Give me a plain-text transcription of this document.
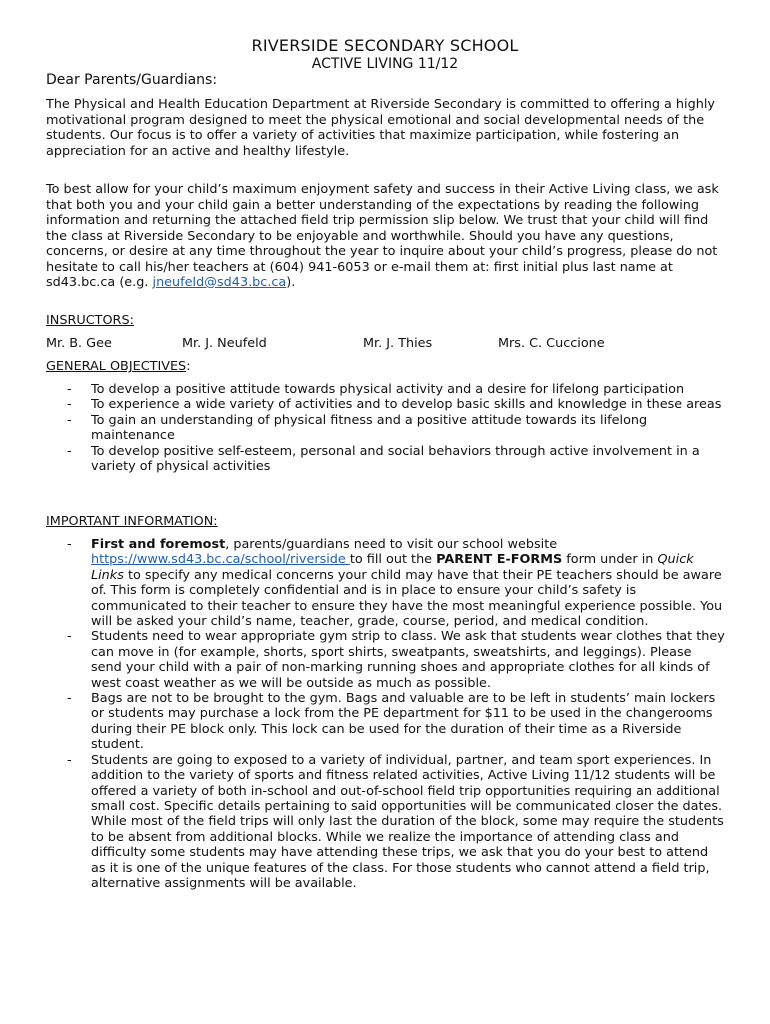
RIVERSIDE SECONDARY SCHOOL
ACTIVE LIVING 11/12
Dear Parents/Guardians:
The Physical and Health Education Department at Riverside Secondary is committed to offering a highly motivational program designed to meet the physical emotional and social developmental needs of the students. Our focus is to offer a variety of activities that maximize participation, while fostering an appreciation for an active and healthy lifestyle.
To best allow for your child’s maximum enjoyment safety and success in their Active Living class, we ask that both you and your child gain a better understanding of the expectations by reading the following information and returning the attached field trip permission slip below. We trust that your child will find the class at Riverside Secondary to be enjoyable and worthwhile. Should you have any questions, concerns, or desire at any time throughout the year to inquire about your child’s progress, please do not hesitate to call his/her teachers at (604) 941-6053 or e-mail them at: first initial plus last name at sd43.bc.ca (e.g. jneufeld@sd43.bc.ca).
INSRUCTORS:
Mr. B. Gee	Mr. J. Neufeld	Mr. J. Thies	Mrs. C. Cuccione
GENERAL OBJECTIVES:
- To develop a positive attitude towards physical activity and a desire for lifelong participation
- To experience a wide variety of activities and to develop basic skills and knowledge in these areas
- To gain an understanding of physical fitness and a positive attitude towards its lifelong maintenance
- To develop positive self-esteem, personal and social behaviors through active involvement in a variety of physical activities
IMPORTANT INFORMATION:
- First and foremost, parents/guardians need to visit our school website https://www.sd43.bc.ca/school/riverside to fill out the PARENT E-FORMS form under in Quick Links to specify any medical concerns your child may have that their PE teachers should be aware of. This form is completely confidential and is in place to ensure your child’s safety is communicated to their teacher to ensure they have the most meaningful experience possible. You will be asked your child’s name, teacher, grade, course, period, and medical condition.
- Students need to wear appropriate gym strip to class. We ask that students wear clothes that they can move in (for example, shorts, sport shirts, sweatpants, sweatshirts, and leggings). Please send your child with a pair of non-marking running shoes and appropriate clothes for all kinds of west coast weather as we will be outside as much as possible.
- Bags are not to be brought to the gym. Bags and valuable are to be left in students’ main lockers or students may purchase a lock from the PE department for $11 to be used in the changerooms during their PE block only. This lock can be used for the duration of their time as a Riverside student.
- Students are going to exposed to a variety of individual, partner, and team sport experiences. In addition to the variety of sports and fitness related activities, Active Living 11/12 students will be offered a variety of both in-school and out-of-school field trip opportunities requiring an additional small cost. Specific details pertaining to said opportunities will be communicated closer the dates. While most of the field trips will only last the duration of the block, some may require the students to be absent from additional blocks. While we realize the importance of attending class and difficulty some students may have attending these trips, we ask that you do your best to attend as it is one of the unique features of the class. For those students who cannot attend a field trip, alternative assignments will be available.
